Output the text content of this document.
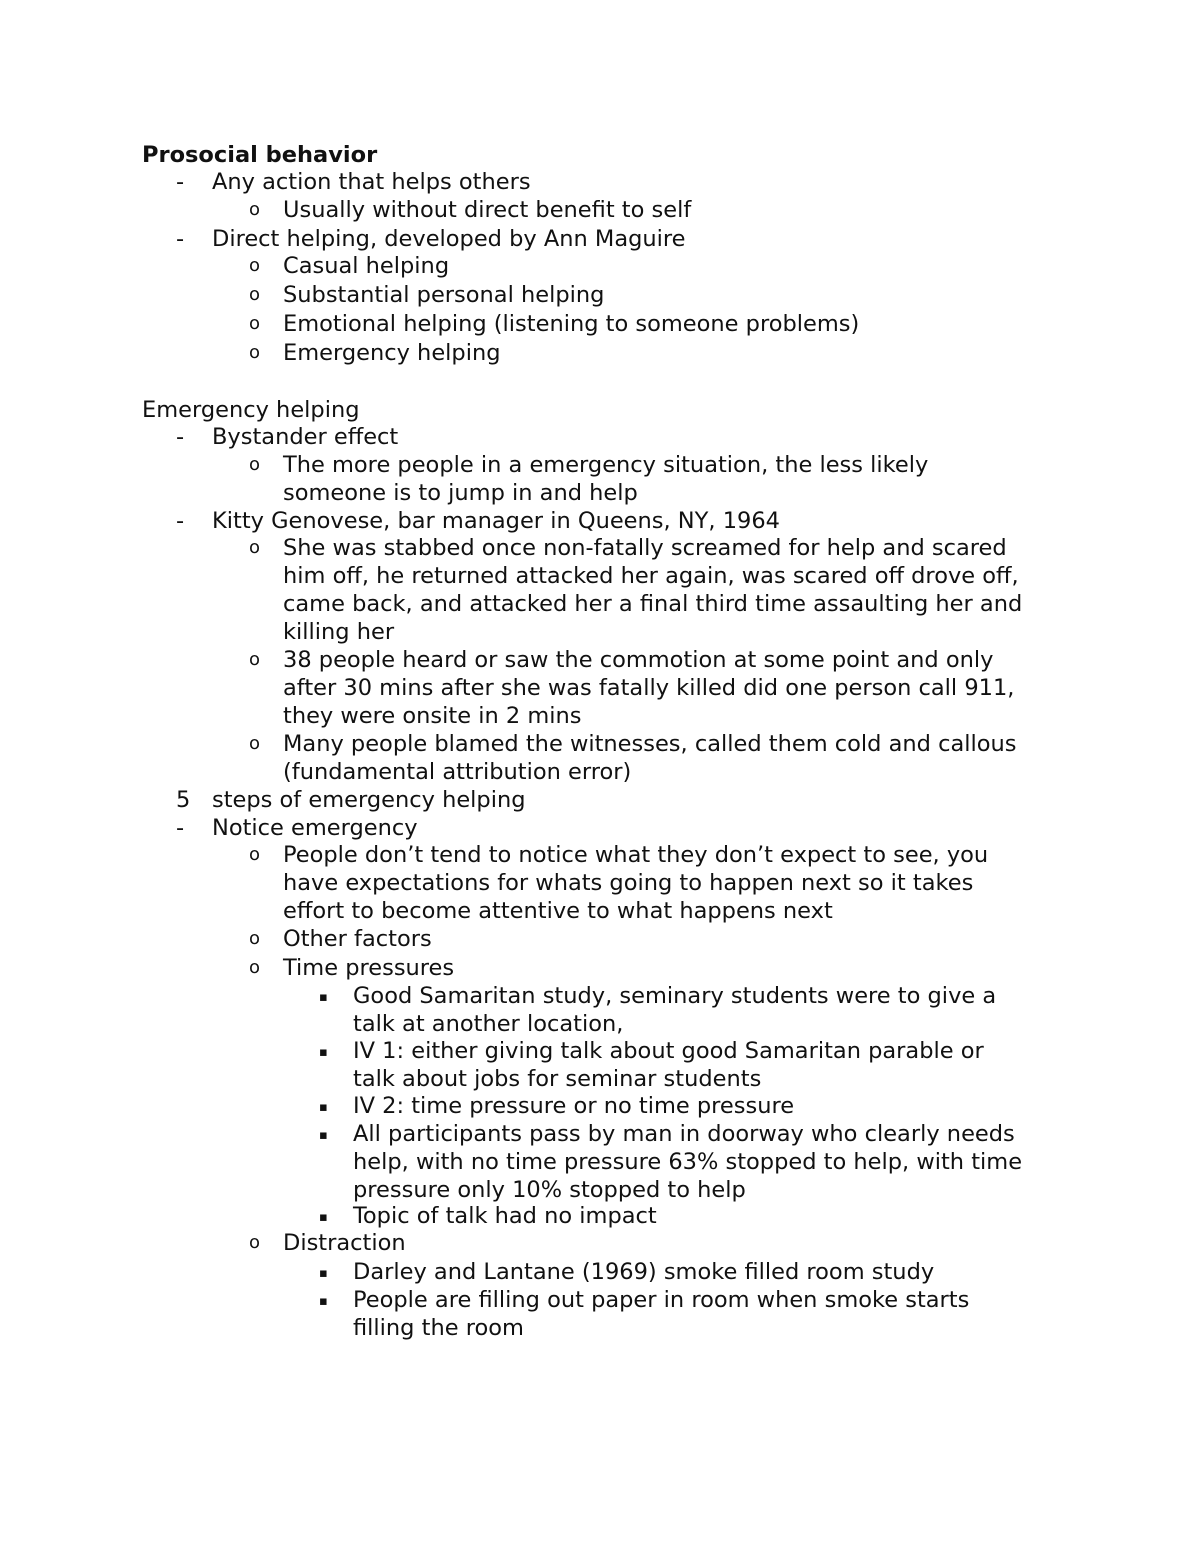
Prosocial behavior
- Any action that helps others
o Usually without direct benefit to self
- Direct helping, developed by Ann Maguire
o Casual helping
o Substantial personal helping
o Emotional helping (listening to someone problems)
o Emergency helping
Emergency helping
- Bystander effect
o The more people in a emergency situation, the less likely
someone is to jump in and help
- Kitty Genovese, bar manager in Queens, NY, 1964
o She was stabbed once non-fatally screamed for help and scared
him off, he returned attacked her again, was scared off drove off,
came back, and attacked her a final third time assaulting her and
killing her
o 38 people heard or saw the commotion at some point and only
after 30 mins after she was fatally killed did one person call 911,
they were onsite in 2 mins
o Many people blamed the witnesses, called them cold and callous
(fundamental attribution error)
5 steps of emergency helping
- Notice emergency
o People don’t tend to notice what they don’t expect to see, you
have expectations for whats going to happen next so it takes
effort to become attentive to what happens next
o Other factors
o Time pressures
▪ Good Samaritan study, seminary students were to give a
talk at another location,
▪ IV 1: either giving talk about good Samaritan parable or
talk about jobs for seminar students
▪ IV 2: time pressure or no time pressure
▪ All participants pass by man in doorway who clearly needs
help, with no time pressure 63% stopped to help, with time
pressure only 10% stopped to help
▪ Topic of talk had no impact
o Distraction
▪ Darley and Lantane (1969) smoke filled room study
▪ People are filling out paper in room when smoke starts
filling the room
